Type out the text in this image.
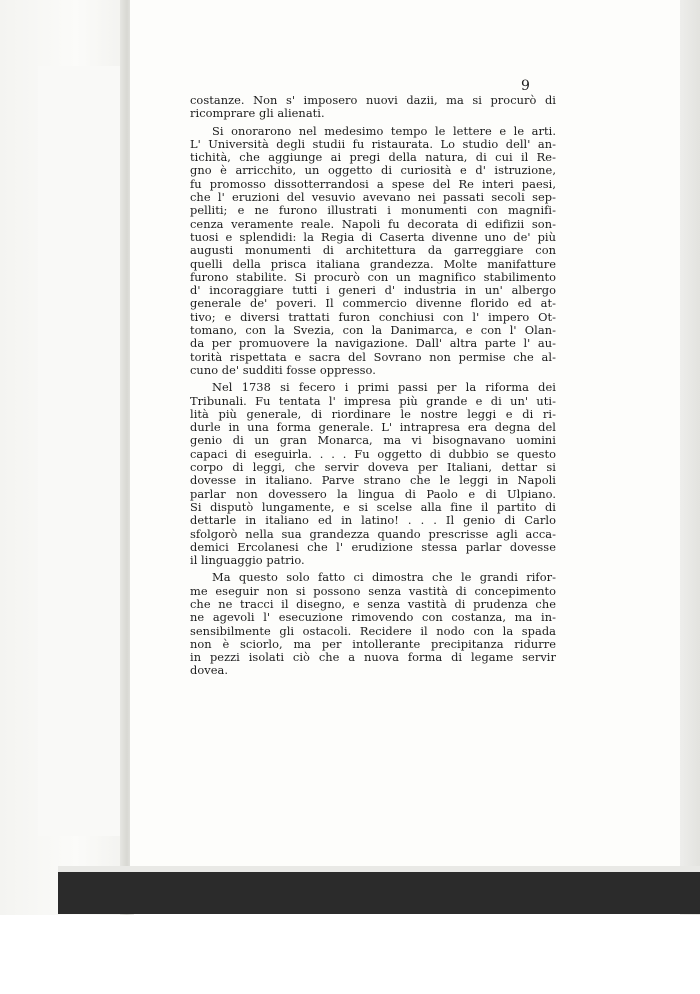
9
costanze. Non s' imposero nuovi dazii, ma si procurò di
ricomprare gli alienati.
Si onorarono nel medesimo tempo le lettere e le arti.
L' Università degli studii fu ristaurata. Lo studio dell' an-
tichità, che aggiunge ai pregi della natura, di cui il Re-
gno è arricchito, un oggetto di curiosità e d' istruzione,
fu promosso dissotterrandosi a spese del Re interi paesi,
che l' eruzioni del vesuvio avevano nei passati secoli sep-
pelliti; e ne furono illustrati i monumenti con magnifi-
cenza veramente reale. Napoli fu decorata di edifizii son-
tuosi e splendidi: la Regia di Caserta divenne uno de' più
augusti monumenti di architettura da garreggiare con
quelli della prisca italiana grandezza. Molte manifatture
furono stabilite. Si procurò con un magnifico stabilimento
d' incoraggiare tutti i generi d' industria in un' albergo
generale de' poveri. Il commercio divenne florido ed at-
tivo; e diversi trattati furon conchiusi con l' impero Ot-
tomano, con la Svezia, con la Danimarca, e con l' Olan-
da per promuovere la navigazione. Dall' altra parte l' au-
torità rispettata e sacra del Sovrano non permise che al-
cuno de' sudditi fosse oppresso.
Nel 1738 si fecero i primi passi per la riforma dei
Tribunali. Fu tentata l' impresa più grande e di un' uti-
lità più generale, di riordinare le nostre leggi e di ri-
durle in una forma generale. L' intrapresa era degna del
genio di un gran Monarca, ma vi bisognavano uomini
capaci di eseguirla. . . . Fu oggetto di dubbio se questo
corpo di leggi, che servir doveva per Italiani, dettar si
dovesse in italiano. Parve strano che le leggi in Napoli
parlar non dovessero la lingua di Paolo e di Ulpiano.
Si disputò lungamente, e si scelse alla fine il partito di
dettarle in italiano ed in latino! . . . Il genio di Carlo
sfolgorò nella sua grandezza quando prescrisse agli acca-
demici Ercolanesi che l' erudizione stessa parlar dovesse
il linguaggio patrio.
Ma questo solo fatto ci dimostra che le grandi rifor-
me eseguir non si possono senza vastità di concepimento
che ne tracci il disegno, e senza vastità di prudenza che
ne agevoli l' esecuzione rimovendo con costanza, ma in-
sensibilmente gli ostacoli. Recidere il nodo con la spada
non è sciorlo, ma per intollerante precipitanza ridurre
in pezzi isolati ciò che a nuova forma di legame servir
dovea.
